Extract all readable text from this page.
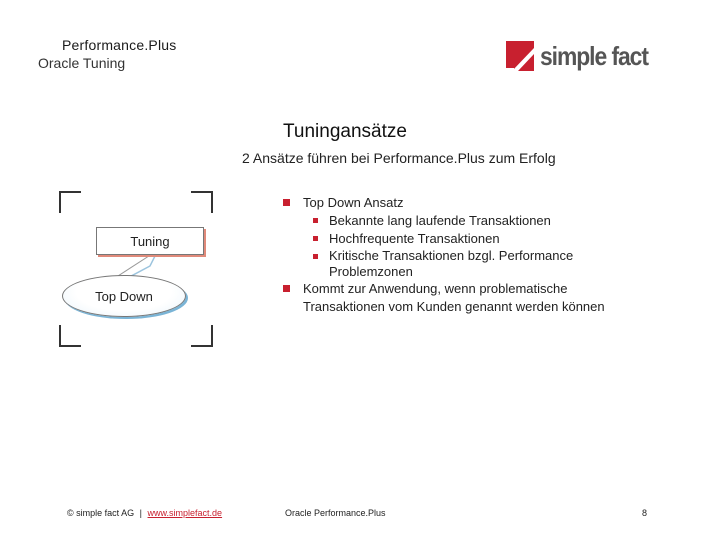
Performance.Plus
Oracle Tuning	simple fact
Tuningansätze
2 Ansätze führen bei Performance.Plus zum Erfolg
Tuning
Top Down
Top Down Ansatz
Bekannte lang laufende Transaktionen
Hochfrequente Transaktionen
Kritische Transaktionen bzgl. Performance Problemzonen
Kommt zur Anwendung, wenn problematische Transaktionen vom Kunden genannt werden können
© simple fact AG | www.simplefact.de	Oracle Performance.Plus	8
